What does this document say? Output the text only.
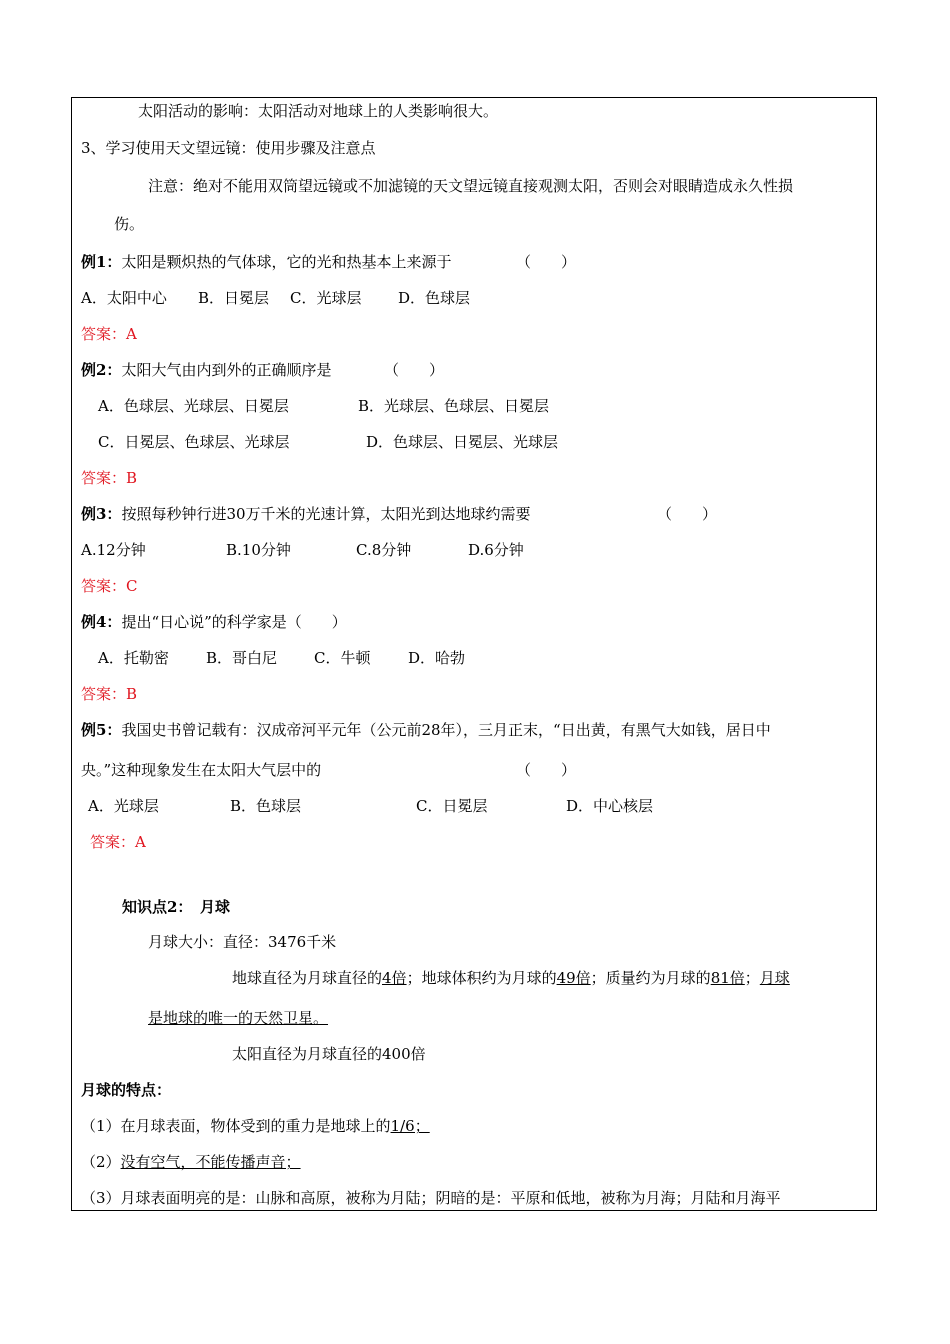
太阳活动的影响：太阳活动对地球上的人类影响很大。
3、学习使用天文望远镜：使用步骤及注意点
注意：绝对不能用双筒望远镜或不加滤镜的天文望远镜直接观测太阳，否则会对眼睛造成永久性损
伤。
例1：太阳是颗炽热的气体球，它的光和热基本上来源于	（　　）
A．太阳中心 B．日冕层 C．光球层 D．色球层
答案：A
例2：太阳大气由内到外的正确顺序是	（　　）
A．色球层、光球层、日冕层	B．光球层、色球层、日冕层
C．日冕层、色球层、光球层	D．色球层、日冕层、光球层
答案：B
例3：按照每秒钟行进30万千米的光速计算，太阳光到达地球约需要	（　　）
A.12分钟	B.10分钟	C.8分钟	D.6分钟
答案：C
例4：提出“日心说”的科学家是（　　）
A．托勒密 B．哥白尼 C．牛顿	D．哈勃
答案：B
例5：我国史书曾记载有：汉成帝河平元年（公元前28年），三月正末，“日出黄，有黑气大如钱，居日中
央。”这种现象发生在太阳大气层中的	（　　）
A．光球层	B．色球层	C．日冕层	D．中心核层
答案：A
知识点2：　月球
月球大小：直径：3476千米
地球直径为月球直径的4倍；地球体积约为月球的49倍；质量约为月球的81倍；月球
是地球的唯一的天然卫星。
太阳直径为月球直径的400倍
月球的特点：
（1）在月球表面，物体受到的重力是地球上的1/6；
（2）没有空气，不能传播声音；
（3）月球表面明亮的是：山脉和高原，被称为月陆；阴暗的是：平原和低地，被称为月海；月陆和月海平
